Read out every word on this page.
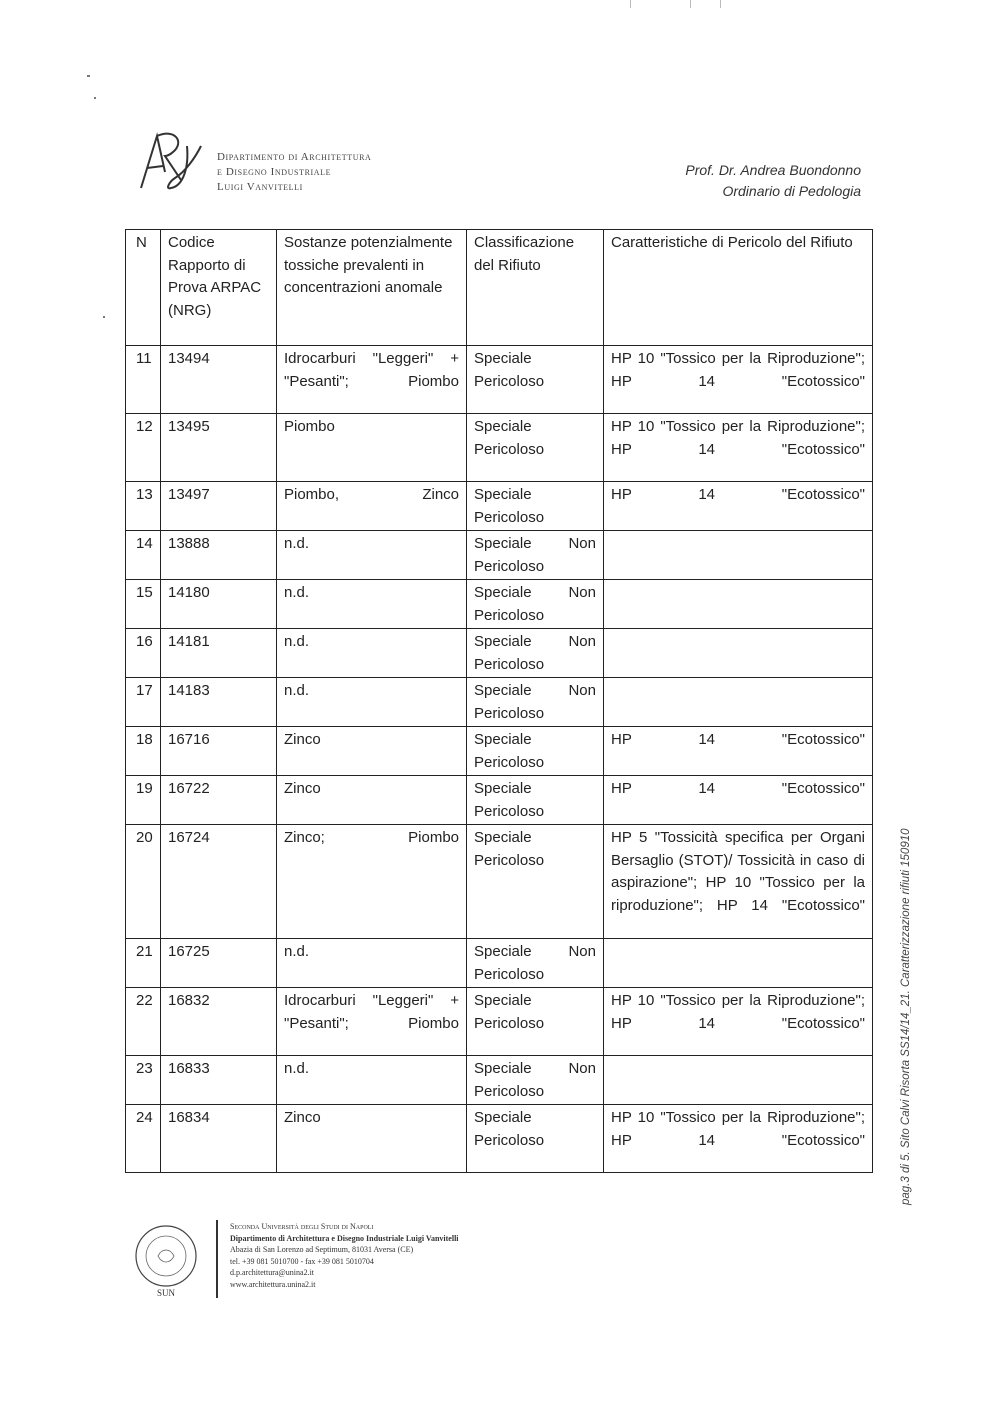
Dipartimento di Architettura
e Disegno Industriale
Luigi Vanvitelli
Prof. Dr. Andrea Buondonno
Ordinario di Pedologia
N	Codice Rapporto di Prova ARPAC (NRG)	Sostanze potenzialmente tossiche prevalenti in concentrazioni anomale	Classificazione del Rifiuto	Caratteristiche di Pericolo del Rifiuto
11	13494	Idrocarburi "Leggeri" + "Pesanti"; Piombo	Speciale Pericoloso	HP 10 "Tossico per la Riproduzione"; HP 14 "Ecotossico"
12	13495	Piombo	Speciale Pericoloso	HP 10 "Tossico per la Riproduzione"; HP 14 "Ecotossico"
13	13497	Piombo, Zinco	Speciale Pericoloso	HP 14 "Ecotossico"
14	13888	n.d.	Speciale Non Pericoloso	
15	14180	n.d.	Speciale Non Pericoloso	
16	14181	n.d.	Speciale Non Pericoloso	
17	14183	n.d.	Speciale Non Pericoloso	
18	16716	Zinco	Speciale Pericoloso	HP 14 "Ecotossico"
19	16722	Zinco	Speciale Pericoloso	HP 14 "Ecotossico"
20	16724	Zinco; Piombo	Speciale Pericoloso	HP 5 "Tossicità specifica per Organi Bersaglio (STOT)/ Tossicità in caso di aspirazione"; HP 10 "Tossico per la riproduzione"; HP 14 "Ecotossico"
21	16725	n.d.	Speciale Non Pericoloso	
22	16832	Idrocarburi "Leggeri" + "Pesanti"; Piombo	Speciale Pericoloso	HP 10 "Tossico per la Riproduzione"; HP 14 "Ecotossico"
23	16833	n.d.	Speciale Non Pericoloso	
24	16834	Zinco	Speciale Pericoloso	HP 10 "Tossico per la Riproduzione"; HP 14 "Ecotossico"	pag.3 di 5. Sito Calvi Risorta SS14/14_21. Caratterizzazione rifiuti 150910
SUN
Seconda Università degli Studi di Napoli
Dipartimento di Architettura e Disegno Industriale Luigi Vanvitelli
Abazia di San Lorenzo ad Septimum, 81031 Aversa (CE)
tel. +39 081 5010700 - fax +39 081 5010704
d.p.architettura@unina2.it
www.architettura.unina2.it
